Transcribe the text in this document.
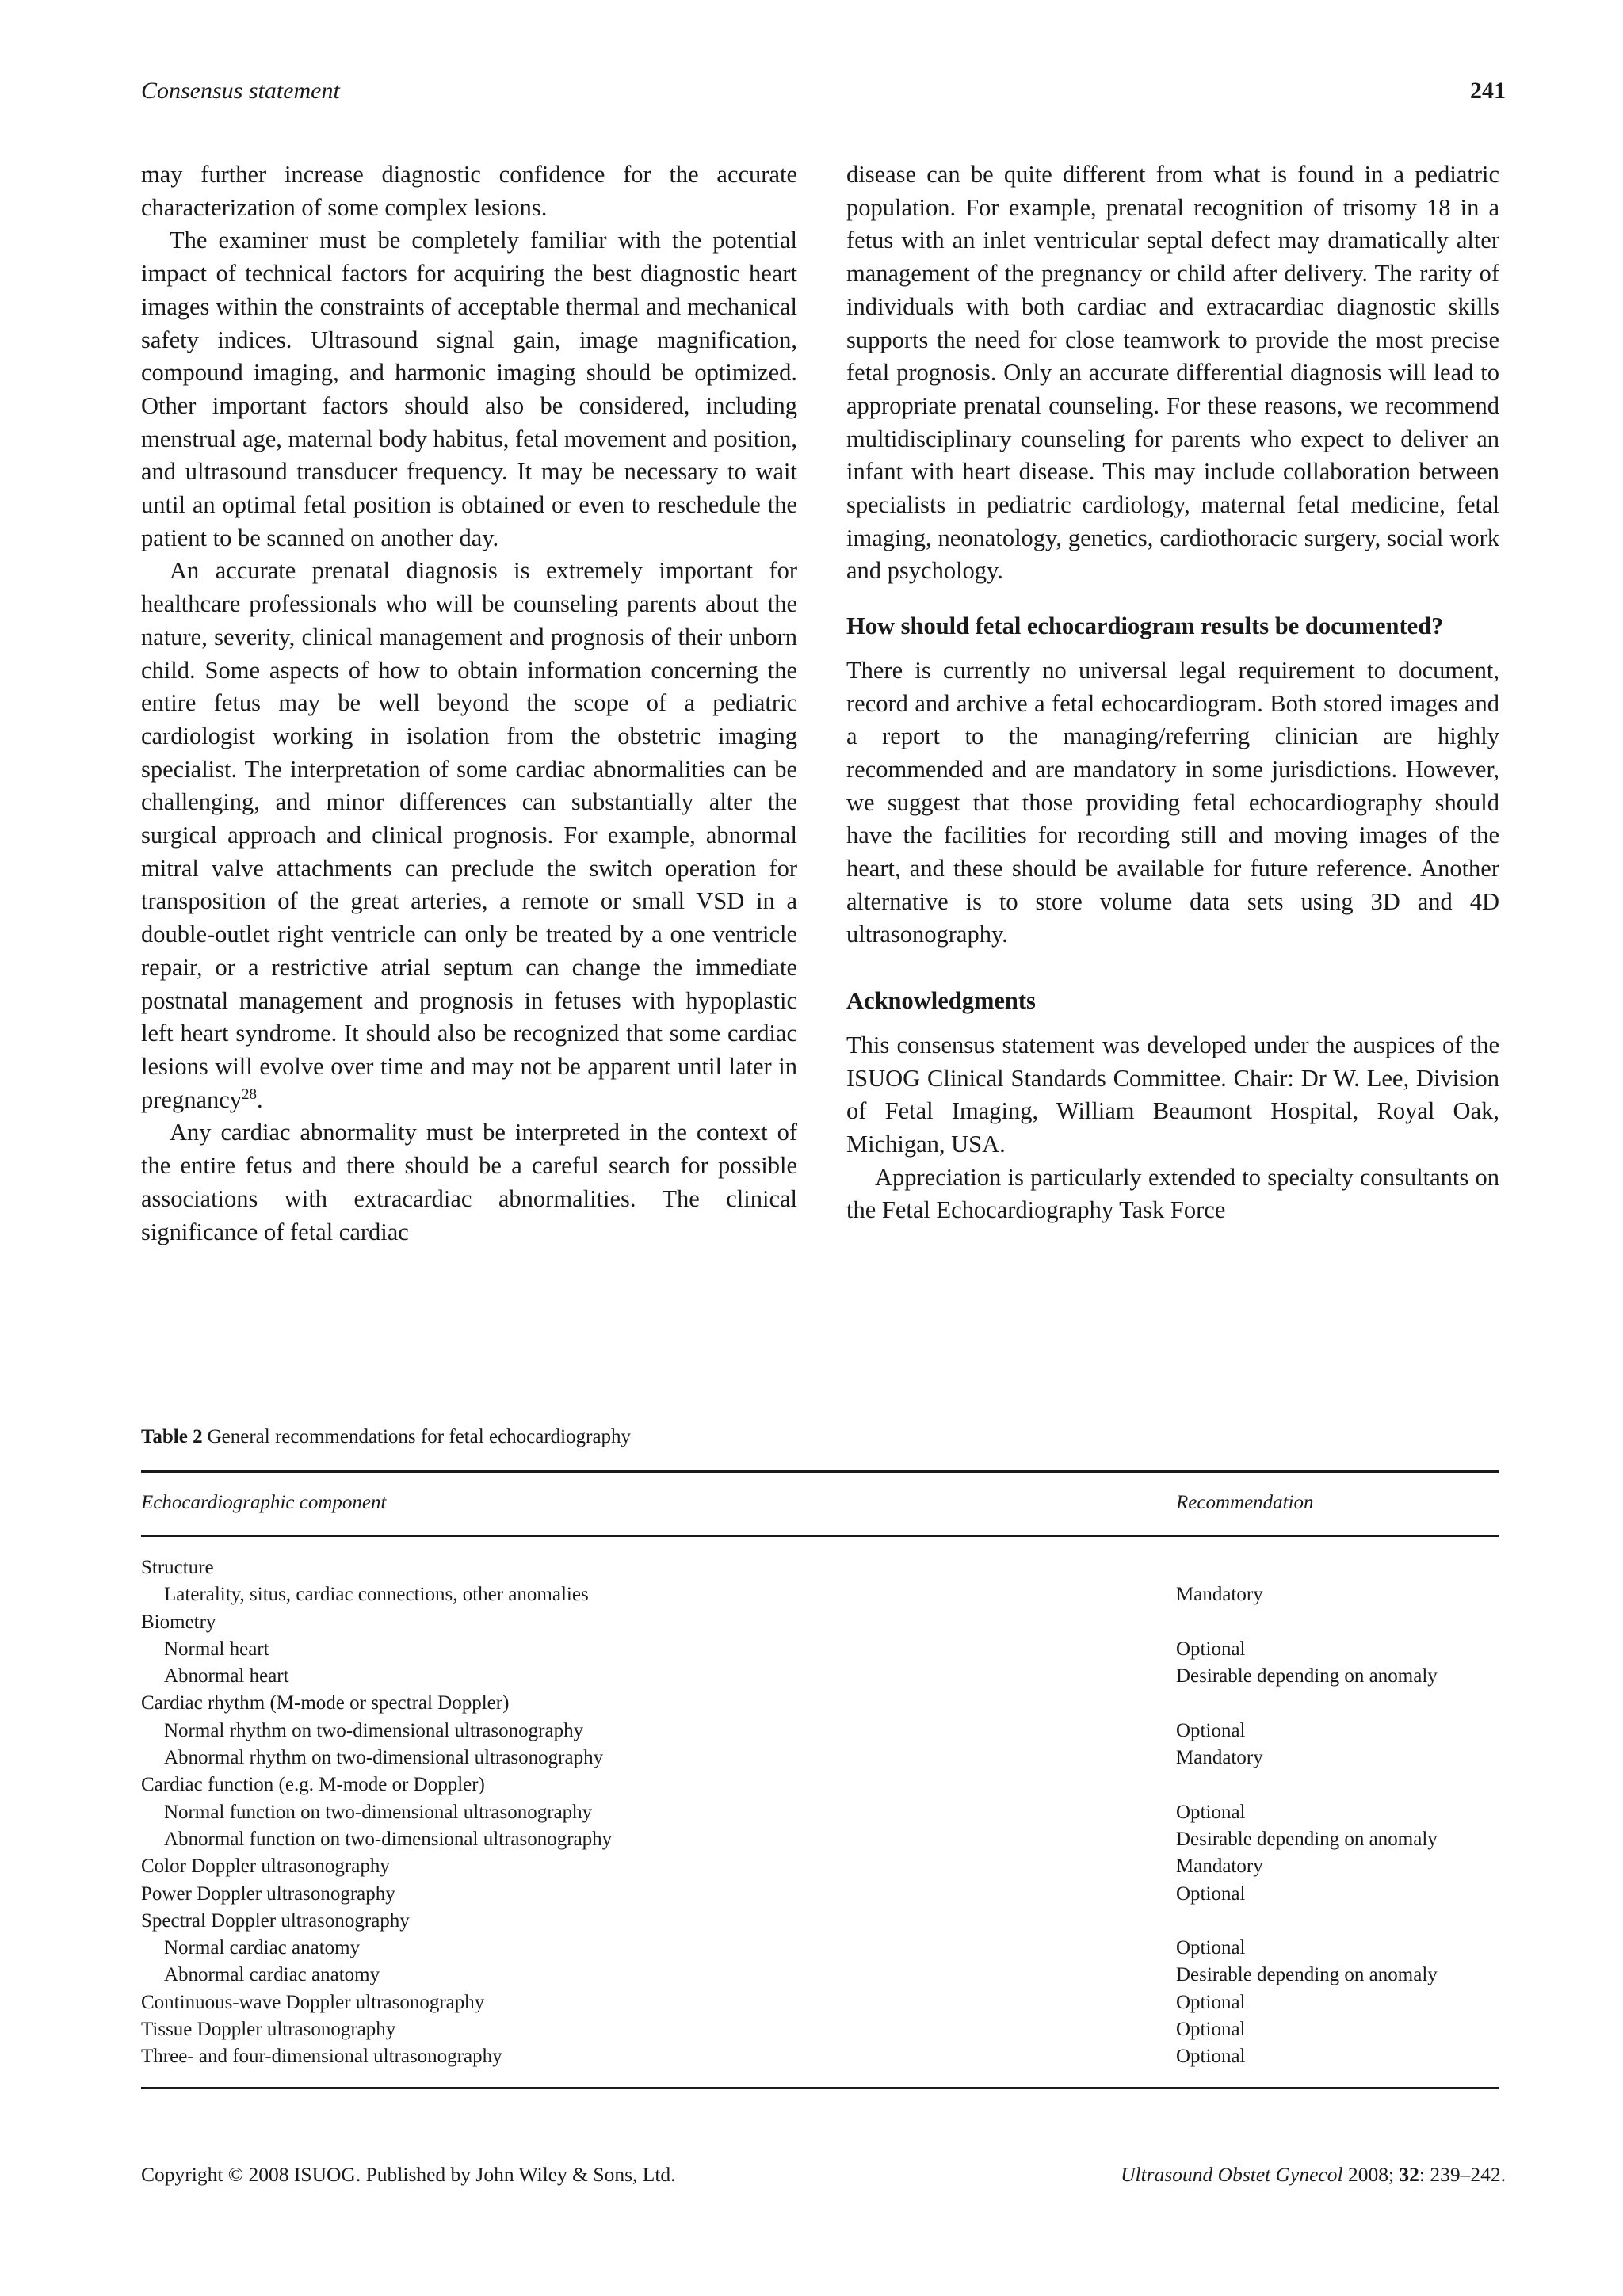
Consensus statement	241

may further increase diagnostic confidence for the accurate characterization of some complex lesions.

The examiner must be completely familiar with the potential impact of technical factors for acquiring the best diagnostic heart images within the constraints of acceptable thermal and mechanical safety indices. Ultrasound signal gain, image magnification, compound imaging, and harmonic imaging should be optimized. Other important factors should also be considered, including menstrual age, maternal body habitus, fetal movement and position, and ultrasound transducer frequency. It may be necessary to wait until an optimal fetal position is obtained or even to reschedule the patient to be scanned on another day.

An accurate prenatal diagnosis is extremely important for healthcare professionals who will be counseling parents about the nature, severity, clinical management and prognosis of their unborn child. Some aspects of how to obtain information concerning the entire fetus may be well beyond the scope of a pediatric cardiologist working in isolation from the obstetric imaging specialist. The interpretation of some cardiac abnormalities can be challenging, and minor differences can substantially alter the surgical approach and clinical prognosis. For example, abnormal mitral valve attachments can preclude the switch operation for transposition of the great arteries, a remote or small VSD in a double-outlet right ventricle can only be treated by a one ventricle repair, or a restrictive atrial septum can change the immediate postnatal management and prognosis in fetuses with hypoplastic left heart syndrome. It should also be recognized that some cardiac lesions will evolve over time and may not be apparent until later in pregnancy$^{28}$.

Any cardiac abnormality must be interpreted in the context of the entire fetus and there should be a careful search for possible associations with extracardiac abnormalities. The clinical significance of fetal cardiac

disease can be quite different from what is found in a pediatric population. For example, prenatal recognition of trisomy 18 in a fetus with an inlet ventricular septal defect may dramatically alter management of the pregnancy or child after delivery. The rarity of individuals with both cardiac and extracardiac diagnostic skills supports the need for close teamwork to provide the most precise fetal prognosis. Only an accurate differential diagnosis will lead to appropriate prenatal counseling. For these reasons, we recommend multidisciplinary counseling for parents who expect to deliver an infant with heart disease. This may include collaboration between specialists in pediatric cardiology, maternal fetal medicine, fetal imaging, neonatology, genetics, cardiothoracic surgery, social work and psychology.

How should fetal echocardiogram results be documented?

There is currently no universal legal requirement to document, record and archive a fetal echocardiogram. Both stored images and a report to the managing/referring clinician are highly recommended and are mandatory in some jurisdictions. However, we suggest that those providing fetal echocardiography should have the facilities for recording still and moving images of the heart, and these should be available for future reference. Another alternative is to store volume data sets using 3D and 4D ultrasonography.

Acknowledgments

This consensus statement was developed under the auspices of the ISUOG Clinical Standards Committee. Chair: Dr W. Lee, Division of Fetal Imaging, William Beaumont Hospital, Royal Oak, Michigan, USA.

Appreciation is particularly extended to specialty consultants on the Fetal Echocardiography Task Force

Table 2 General recommendations for fetal echocardiography
Echocardiographic component	Recommendation
Structure
Laterality, situs, cardiac connections, other anomalies	Mandatory
Biometry
Normal heart	Optional
Abnormal heart	Desirable depending on anomaly
Cardiac rhythm (M-mode or spectral Doppler)
Normal rhythm on two-dimensional ultrasonography	Optional
Abnormal rhythm on two-dimensional ultrasonography	Mandatory
Cardiac function (e.g. M-mode or Doppler)
Normal function on two-dimensional ultrasonography	Optional
Abnormal function on two-dimensional ultrasonography	Desirable depending on anomaly
Color Doppler ultrasonography	Mandatory
Power Doppler ultrasonography	Optional
Spectral Doppler ultrasonography
Normal cardiac anatomy	Optional
Abnormal cardiac anatomy	Desirable depending on anomaly
Continuous-wave Doppler ultrasonography	Optional
Tissue Doppler ultrasonography	Optional
Three- and four-dimensional ultrasonography	Optional
Copyright © 2008 ISUOG. Published by John Wiley & Sons, Ltd.	Ultrasound Obstet Gynecol 2008; 32: 239–242.
